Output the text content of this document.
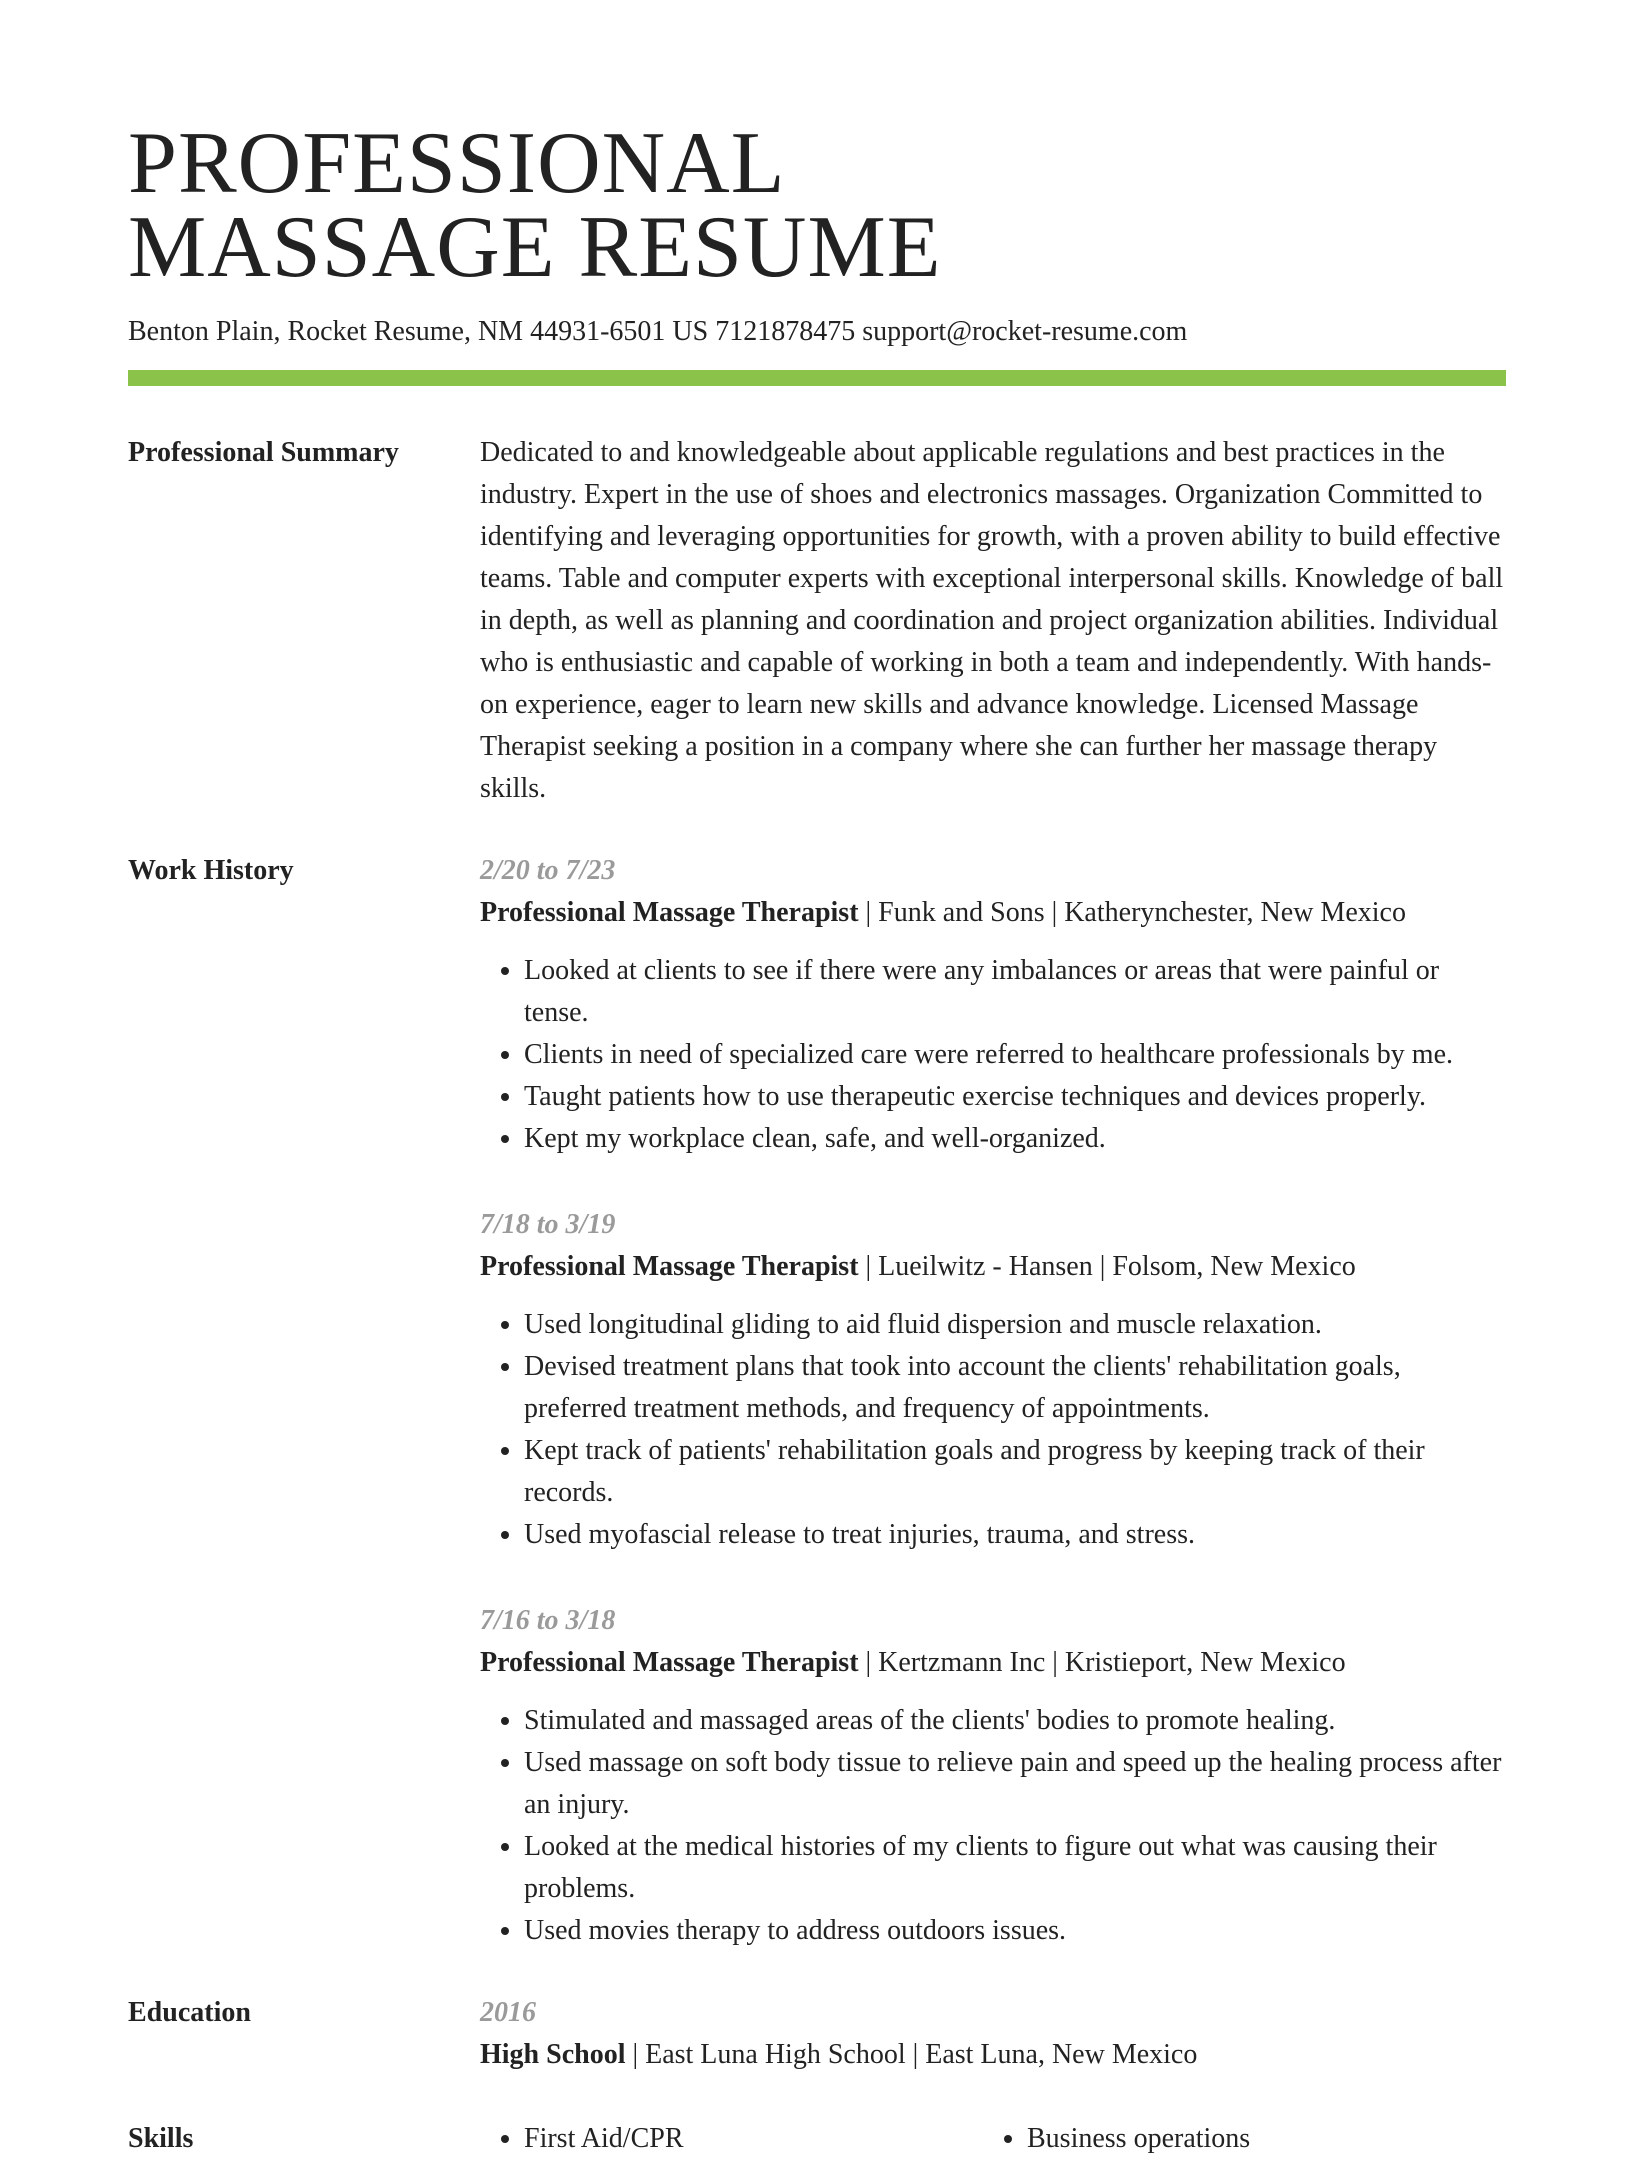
PROFESSIONAL
MASSAGE RESUME
Benton Plain, Rocket Resume, NM 44931-6501 US 7121878475 support@rocket-resume.com
Professional Summary	Dedicated to and knowledgeable about applicable regulations and best practices in the industry. Expert in the use of shoes and electronics massages. Organization Committed to identifying and leveraging opportunities for growth, with a proven ability to build effective teams. Table and computer experts with exceptional interpersonal skills. Knowledge of ball in depth, as well as planning and coordination and project organization abilities. Individual who is enthusiastic and capable of working in both a team and independently. With hands-on experience, eager to learn new skills and advance knowledge. Licensed Massage Therapist seeking a position in a company where she can further her massage therapy skills.

Work History	2/20 to 7/23
Professional Massage Therapist | Funk and Sons | Katherynchester, New Mexico
• Looked at clients to see if there were any imbalances or areas that were painful or tense.
• Clients in need of specialized care were referred to healthcare professionals by me.
• Taught patients how to use therapeutic exercise techniques and devices properly.
• Kept my workplace clean, safe, and well-organized.
7/18 to 3/19
Professional Massage Therapist | Lueilwitz - Hansen | Folsom, New Mexico
• Used longitudinal gliding to aid fluid dispersion and muscle relaxation.
• Devised treatment plans that took into account the clients' rehabilitation goals, preferred treatment methods, and frequency of appointments.
• Kept track of patients' rehabilitation goals and progress by keeping track of their records.
• Used myofascial release to treat injuries, trauma, and stress.
7/16 to 3/18
Professional Massage Therapist | Kertzmann Inc | Kristieport, New Mexico
• Stimulated and massaged areas of the clients' bodies to promote healing.
• Used massage on soft body tissue to relieve pain and speed up the healing process after an injury.
• Looked at the medical histories of my clients to figure out what was causing their problems.
• Used movies therapy to address outdoors issues.
Education	2016
High School | East Luna High School | East Luna, New Mexico
Skills	• First Aid/CPR	• Business operations
